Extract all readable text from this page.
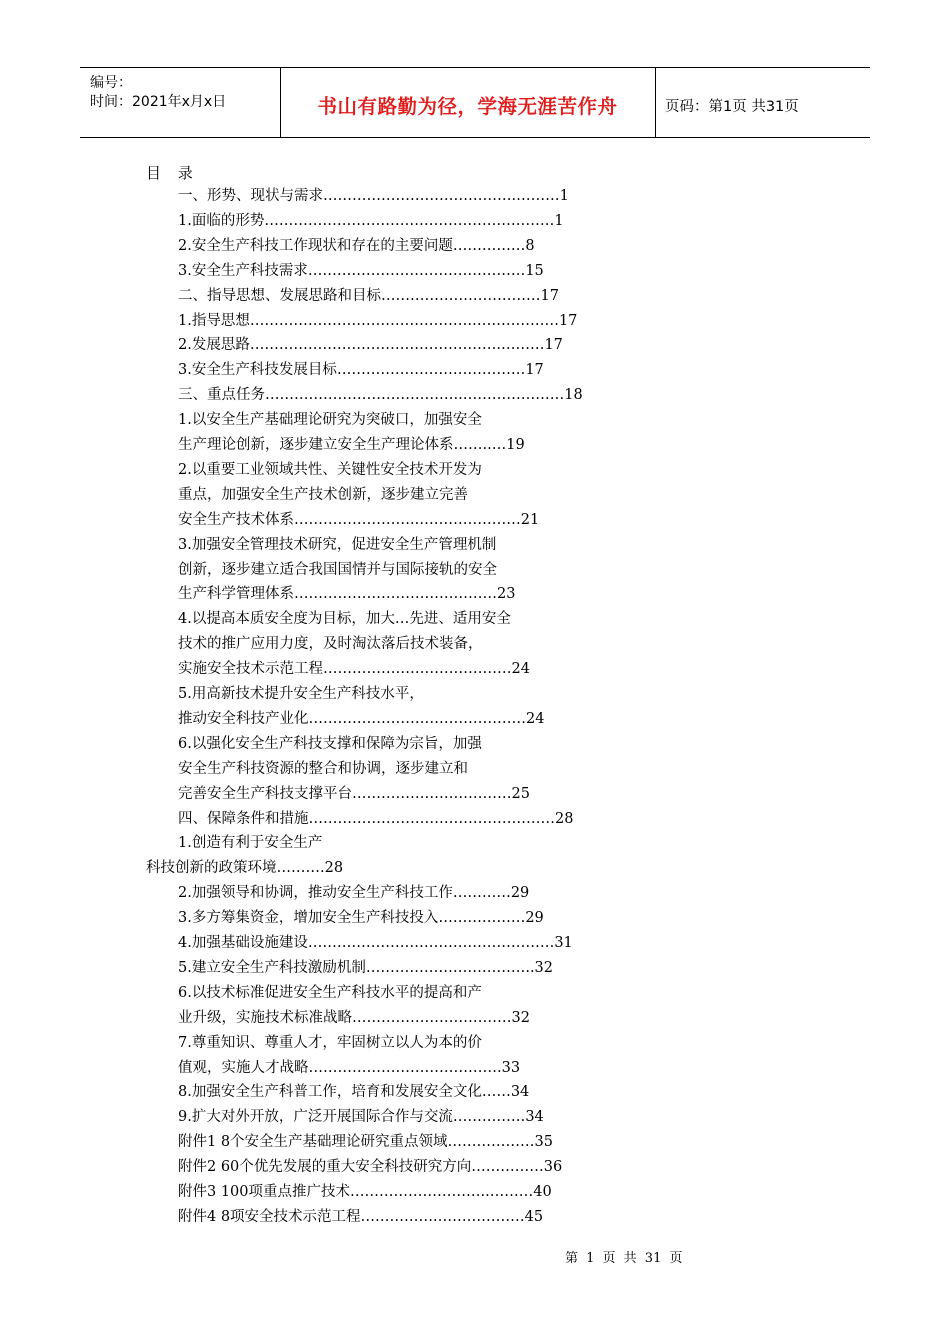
编号：
时间：2021年x月x日	书山有路勤为径，学海无涯苦作舟	页码：第1页 共31页
目 录
一、形势、现状与需求………………………………….………1
1.面临的形势……………………………………………………1
2.安全生产科技工作现状和存在的主要问题……………8
3.安全生产科技需求………………………………………15
二、指导思想、发展思路和目标……………………………17
1.指导思想……………………………………….………………17
2.发展思路…………………………………………….………17
3.安全生产科技发展目标…………………………………17
三、重点任务…………………………………..…………………18
1.以安全生产基础理论研究为突破口，加强安全
生产理论创新，逐步建立安全生产理论体系……..…19
2.以重要工业领域共性、关键性安全技术开发为
重点，加强安全生产技术创新，逐步建立完善
安全生产技术体系……………………..…………………21
3.加强安全管理技术研究，促进安全生产管理机制
创新，逐步建立适合我国国情并与国际接轨的安全
生产科学管理体系……………………………………23
4.以提高本质安全度为目标，加大…先进、适用安全
技术的推广应用力度，及时淘汰落后技术装备，
实施安全技术示范工程…………………………………24
5.用高新技术提升安全生产科技水平，
推动安全科技产业化………………………………………24
6.以强化安全生产科技支撑和保障为宗旨，加强
安全生产科技资源的整合和协调，逐步建立和
完善安全生产科技支撑平台……………………………25
四、保障条件和措施……………………………………………28
1.创造有利于安全生产
科技创新的政策环境……….28
2.加强领导和协调，推动安全生产科技工作…………29
3.多方筹集资金，增加安全生产科技投入………………29
4.加强基础设施建设……………………………………………31
5.建立安全生产科技激励机制……………………………..32
6.以技术标准促进安全生产科技水平的提高和产
业升级，实施技术标准战略……………………………32
7.尊重知识、尊重人才，牢固树立以人为本的价
值观，实施人才战略………………………………….33
8.加强安全生产科普工作，培育和发展安全文化……34
9.扩大对外开放，广泛开展国际合作与交流……………34
附件1 8个安全生产基础理论研究重点领域………………35
附件2 60个优先发展的重大安全科技研究方向……………36
附件3 100项重点推广技术………………………..………40
附件4 8项安全技术示范工程…………….………………45
第 1 页 共 31 页
